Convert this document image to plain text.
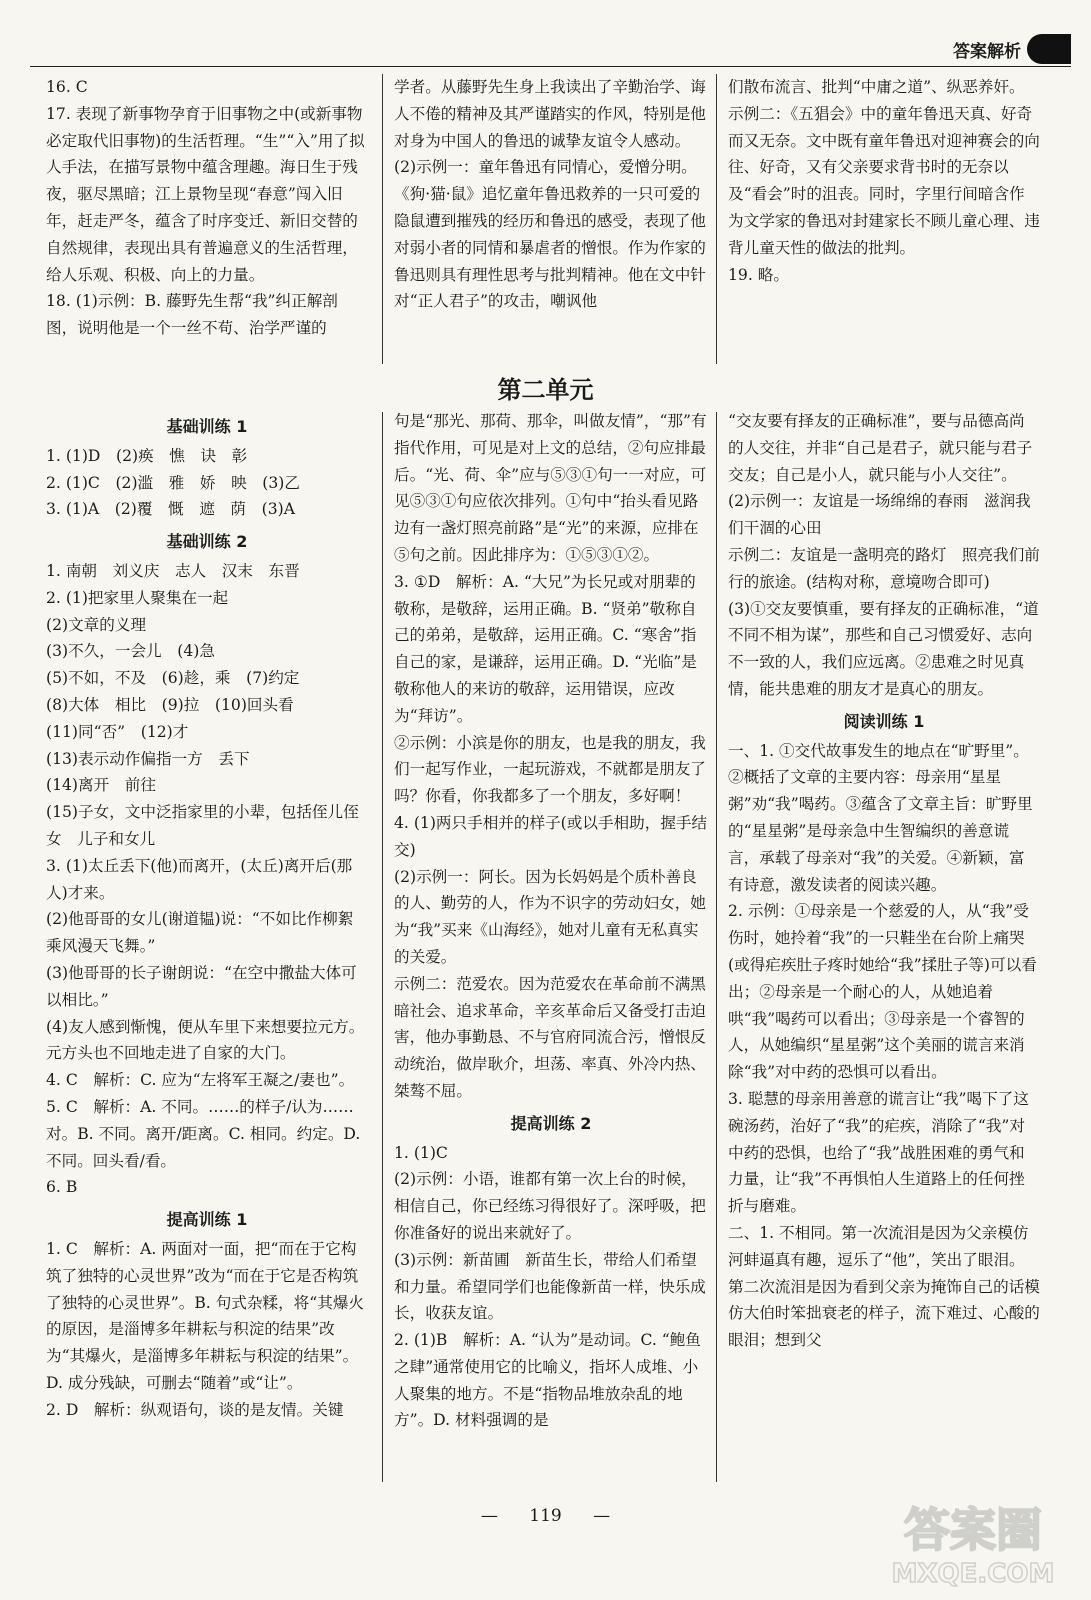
答案解析

16. C

17. 表现了新事物孕育于旧事物之中(或新事物必定取代旧事物)的生活哲理。“生”“入”用了拟人手法，在描写景物中蕴含理趣。海日生于残夜，驱尽黑暗；江上景物呈现“春意”闯入旧年，赶走严冬，蕴含了时序变迁、新旧交替的自然规律，表现出具有普遍意义的生活哲理，给人乐观、积极、向上的力量。

18. (1)示例：B. 藤野先生帮“我”纠正解剖图，说明他是一个一丝不苟、治学严谨的

学者。从藤野先生身上我读出了辛勤治学、诲人不倦的精神及其严谨踏实的作风，特别是他对身为中国人的鲁迅的诚挚友谊令人感动。

(2)示例一：童年鲁迅有同情心，爱憎分明。《狗·猫·鼠》追忆童年鲁迅救养的一只可爱的隐鼠遭到摧残的经历和鲁迅的感受，表现了他对弱小者的同情和暴虐者的憎恨。作为作家的鲁迅则具有理性思考与批判精神。他在文中针对“正人君子”的攻击，嘲讽他

们散布流言、批判“中庸之道”、纵恶养奸。

示例二：《五猖会》中的童年鲁迅天真、好奇而又无奈。文中既有童年鲁迅对迎神赛会的向往、好奇，又有父亲要求背书时的无奈以及“看会”时的沮丧。同时，字里行间暗含作为文学家的鲁迅对封建家长不顾儿童心理、违背儿童天性的做法的批判。

19. 略。

第二单元
基础训练 1

1. (1)D　(2)痪　憔　诀　彰

2. (1)C　(2)滥　雅　娇　映　(3)乙

3. (1)A　(2)覆　慨　遮　荫　(3)A

基础训练 2

1. 南朝　刘义庆　志人　汉末　东晋

2. (1)把家里人聚集在一起

(2)文章的义理

(3)不久，一会儿　(4)急

(5)不如，不及　(6)趁，乘　(7)约定

(8)大体　相比　(9)拉　(10)回头看

(11)同“否”　(12)才

(13)表示动作偏指一方　丢下

(14)离开　前往

(15)子女，文中泛指家里的小辈，包括侄儿侄女　儿子和女儿

3. (1)太丘丢下(他)而离开，(太丘)离开后(那人)才来。

(2)他哥哥的女儿(谢道韫)说：“不如比作柳絮乘风漫天飞舞。”

(3)他哥哥的长子谢朗说：“在空中撒盐大体可以相比。”

(4)友人感到惭愧，便从车里下来想要拉元方。元方头也不回地走进了自家的大门。

4. C　解析：C. 应为“左将军王凝之/妻也”。

5. C　解析：A. 不同。……的样子/认为……对。B. 不同。离开/距离。C. 相同。约定。D. 不同。回头看/看。

6. B

提高训练 1

1. C　解析：A. 两面对一面，把“而在于它构筑了独特的心灵世界”改为“而在于它是否构筑了独特的心灵世界”。B. 句式杂糅，将“其爆火的原因，是淄博多年耕耘与积淀的结果”改为“其爆火，是淄博多年耕耘与积淀的结果”。D. 成分残缺，可删去“随着”或“让”。

2. D　解析：纵观语句，谈的是友情。关键

句是“那光、那荷、那伞，叫做友情”，“那”有指代作用，可见是对上文的总结，②句应排最后。“光、荷、伞”应与⑤③①句一一对应，可见⑤③①句应依次排列。①句中“抬头看见路边有一盏灯照亮前路”是“光”的来源，应排在⑤句之前。因此排序为：①⑤③①②。

3. ①D　解析：A. “大兄”为长兄或对朋辈的敬称，是敬辞，运用正确。B. “贤弟”敬称自己的弟弟，是敬辞，运用正确。C. “寒舍”指自己的家，是谦辞，运用正确。D. “光临”是敬称他人的来访的敬辞，运用错误，应改为“拜访”。

②示例：小滨是你的朋友，也是我的朋友，我们一起写作业，一起玩游戏，不就都是朋友了吗？你看，你我都多了一个朋友，多好啊！

4. (1)两只手相并的样子(或以手相助，握手结交)

(2)示例一：阿长。因为长妈妈是个质朴善良的人、勤劳的人，作为不识字的劳动妇女，她为“我”买来《山海经》，她对儿童有无私真实的关爱。

示例二：范爱农。因为范爱农在革命前不满黑暗社会、追求革命，辛亥革命后又备受打击迫害，他办事勤恳、不与官府同流合污，憎恨反动统治，做岸耿介，坦荡、率真、外冷内热、桀骜不屈。

提高训练 2

1. (1)C

(2)示例：小语，谁都有第一次上台的时候，相信自己，你已经练习得很好了。深呼吸，把你准备好的说出来就好了。

(3)示例：新苗圃　新苗生长，带给人们希望和力量。希望同学们也能像新苗一样，快乐成长，收获友谊。

2. (1)B　解析：A. “认为”是动词。C. “鲍鱼之肆”通常使用它的比喻义，指坏人成堆、小人聚集的地方。不是“指物品堆放杂乱的地方”。D. 材料强调的是

“交友要有择友的正确标准”，要与品德高尚的人交往，并非“自己是君子，就只能与君子交友；自己是小人，就只能与小人交往”。

(2)示例一：友谊是一场绵绵的春雨　滋润我们干涸的心田

示例二：友谊是一盏明亮的路灯　照亮我们前行的旅途。(结构对称，意境吻合即可)

(3)①交友要慎重，要有择友的正确标准，“道不同不相为谋”，那些和自己习惯爱好、志向不一致的人，我们应远离。②患难之时见真情，能共患难的朋友才是真心的朋友。

阅读训练 1

一、1. ①交代故事发生的地点在“旷野里”。②概括了文章的主要内容：母亲用“星星粥”劝“我”喝药。③蕴含了文章主旨：旷野里的“星星粥”是母亲急中生智编织的善意谎言，承载了母亲对“我”的关爱。④新颖，富有诗意，激发读者的阅读兴趣。

2. 示例：①母亲是一个慈爱的人，从“我”受伤时，她拎着“我”的一只鞋坐在台阶上痛哭(或得疟疾肚子疼时她给“我”揉肚子等)可以看出；②母亲是一个耐心的人，从她追着哄“我”喝药可以看出；③母亲是一个睿智的人，从她编织“星星粥”这个美丽的谎言来消除“我”对中药的恐惧可以看出。

3. 聪慧的母亲用善意的谎言让“我”喝下了这碗汤药，治好了“我”的疟疾，消除了“我”对中药的恐惧，也给了“我”战胜困难的勇气和力量，让“我”不再惧怕人生道路上的任何挫折与磨难。

二、1. 不相同。第一次流泪是因为父亲模仿河蚌逼真有趣，逗乐了“他”，笑出了眼泪。第二次流泪是因为看到父亲为掩饰自己的话模仿大伯时笨拙衰老的样子，流下难过、心酸的眼泪；想到父

— 119 —	答案圈
MXQE.COM
